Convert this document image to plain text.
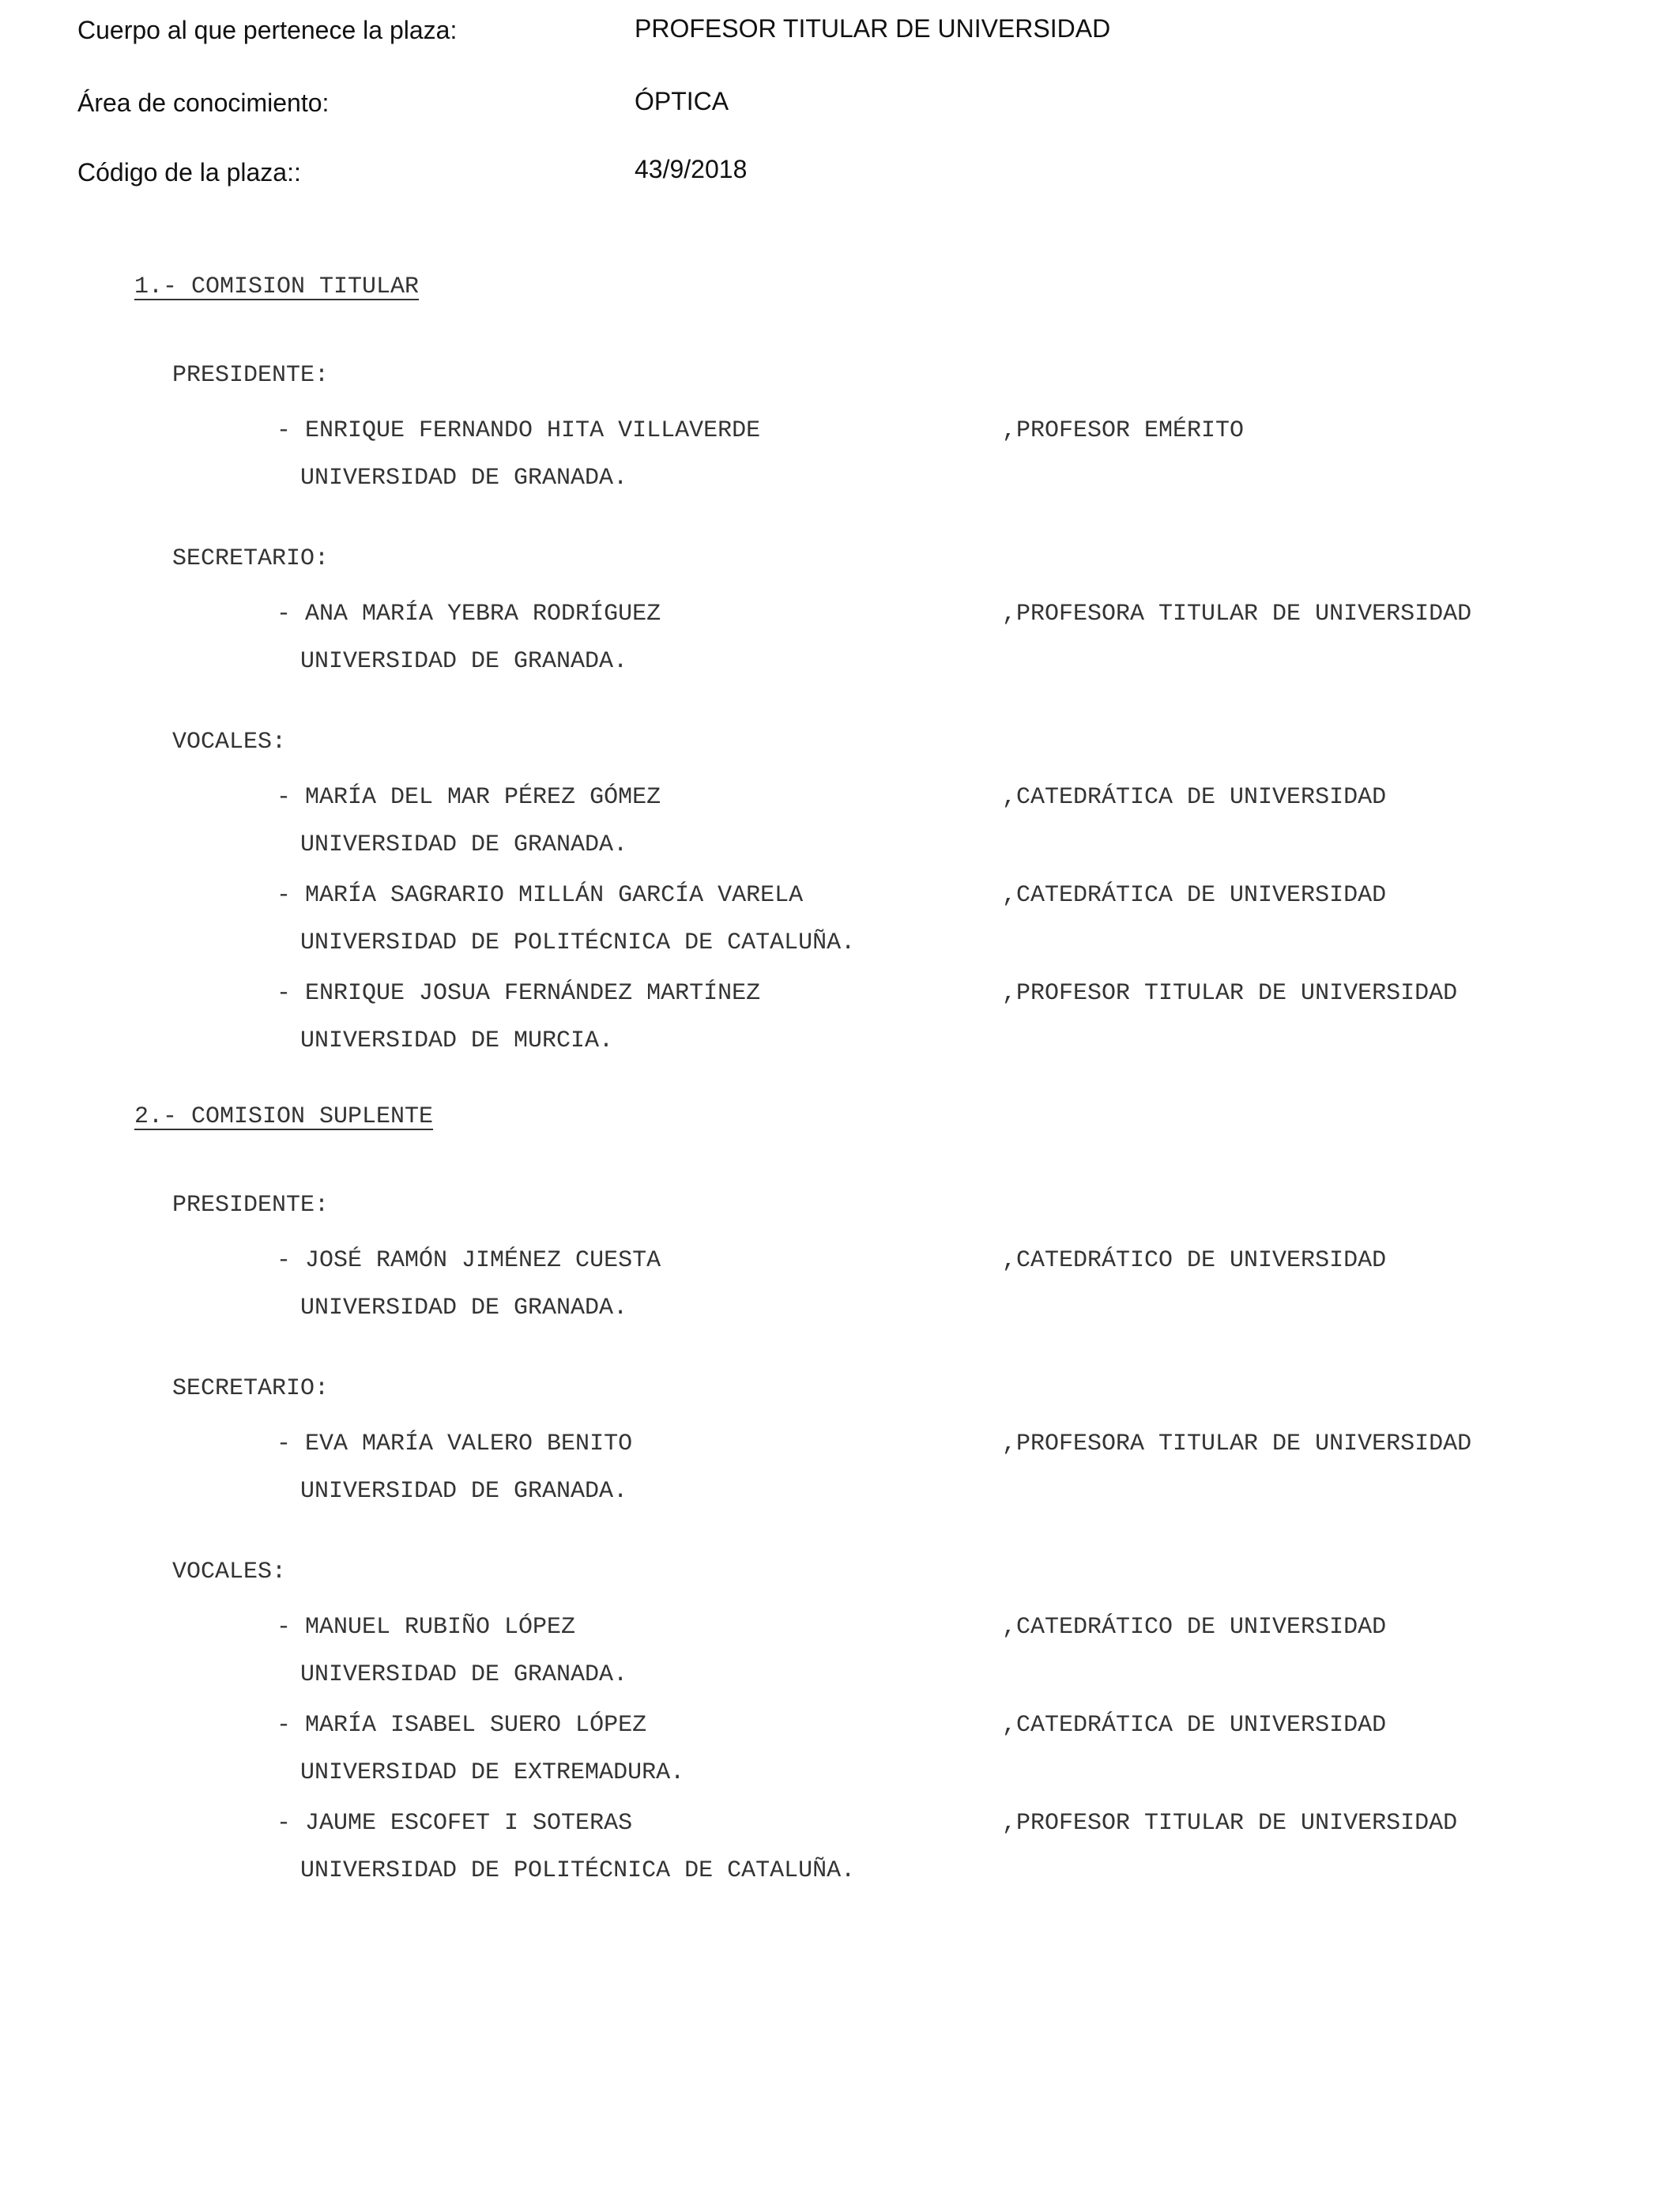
Cuerpo al que pertenece la plaza:	PROFESOR TITULAR DE UNIVERSIDAD
Área de conocimiento:	ÓPTICA
Código de la plaza::	43/9/2018
1.- COMISION TITULAR
PRESIDENTE:
- ENRIQUE FERNANDO HITA VILLAVERDE	,PROFESOR EMÉRITO
UNIVERSIDAD DE GRANADA.
SECRETARIO:
- ANA MARÍA YEBRA RODRÍGUEZ	,PROFESORA TITULAR DE UNIVERSIDAD
UNIVERSIDAD DE GRANADA.
VOCALES:
- MARÍA DEL MAR PÉREZ GÓMEZ	,CATEDRÁTICA DE UNIVERSIDAD
UNIVERSIDAD DE GRANADA.
- MARÍA SAGRARIO MILLÁN GARCÍA VARELA	,CATEDRÁTICA DE UNIVERSIDAD
UNIVERSIDAD DE POLITÉCNICA DE CATALUÑA.
- ENRIQUE JOSUA FERNÁNDEZ MARTÍNEZ	,PROFESOR TITULAR DE UNIVERSIDAD
UNIVERSIDAD DE MURCIA.
2.- COMISION SUPLENTE
PRESIDENTE:
- JOSÉ RAMÓN JIMÉNEZ CUESTA	,CATEDRÁTICO DE UNIVERSIDAD
UNIVERSIDAD DE GRANADA.
SECRETARIO:
- EVA MARÍA VALERO BENITO	,PROFESORA TITULAR DE UNIVERSIDAD
UNIVERSIDAD DE GRANADA.
VOCALES:
- MANUEL RUBIÑO LÓPEZ	,CATEDRÁTICO DE UNIVERSIDAD
UNIVERSIDAD DE GRANADA.
- MARÍA ISABEL SUERO LÓPEZ	,CATEDRÁTICA DE UNIVERSIDAD
UNIVERSIDAD DE EXTREMADURA.
- JAUME ESCOFET I SOTERAS	,PROFESOR TITULAR DE UNIVERSIDAD
UNIVERSIDAD DE POLITÉCNICA DE CATALUÑA.
